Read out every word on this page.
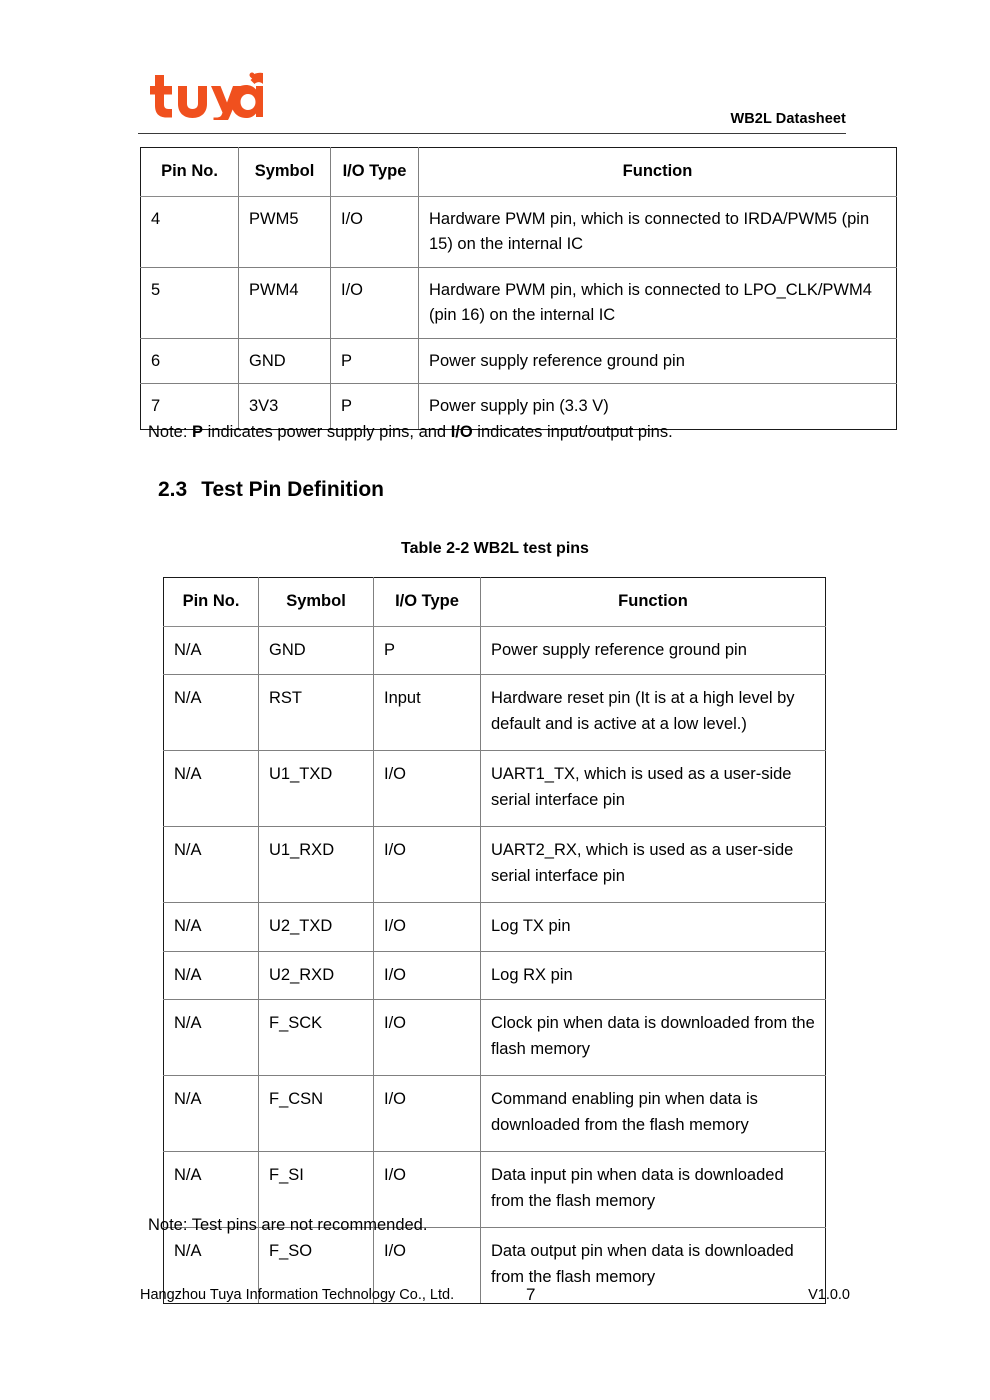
WB2L Datasheet
Pin No.	Symbol	I/O Type	Function
4	PWM5	I/O	Hardware PWM pin, which is connected to IRDA/PWM5 (pin 15) on the internal IC
5	PWM4	I/O	Hardware PWM pin, which is connected to LPO_CLK/PWM4 (pin 16) on the internal IC
6	GND	P	Power supply reference ground pin
7	3V3	P	Power supply pin (3.3 V)
Note: P indicates power supply pins, and I/O indicates input/output pins.
2.3 Test Pin Definition
Table 2-2 WB2L test pins
Pin No.	Symbol	I/O Type	Function
N/A	GND	P	Power supply reference ground pin
N/A	RST	Input	Hardware reset pin (It is at a high level by default and is active at a low level.)
N/A	U1_TXD	I/O	UART1_TX, which is used as a user-side serial interface pin
N/A	U1_RXD	I/O	UART2_RX, which is used as a user-side serial interface pin
N/A	U2_TXD	I/O	Log TX pin
N/A	U2_RXD	I/O	Log RX pin
N/A	F_SCK	I/O	Clock pin when data is downloaded from the flash memory
N/A	F_CSN	I/O	Command enabling pin when data is downloaded from the flash memory
N/A	F_SI	I/O	Data input pin when data is downloaded from the flash memory
N/A	F_SO	I/O	Data output pin when data is downloaded from the flash memory
Note: Test pins are not recommended.
Hangzhou Tuya Information Technology Co., Ltd.	7	V1.0.0
